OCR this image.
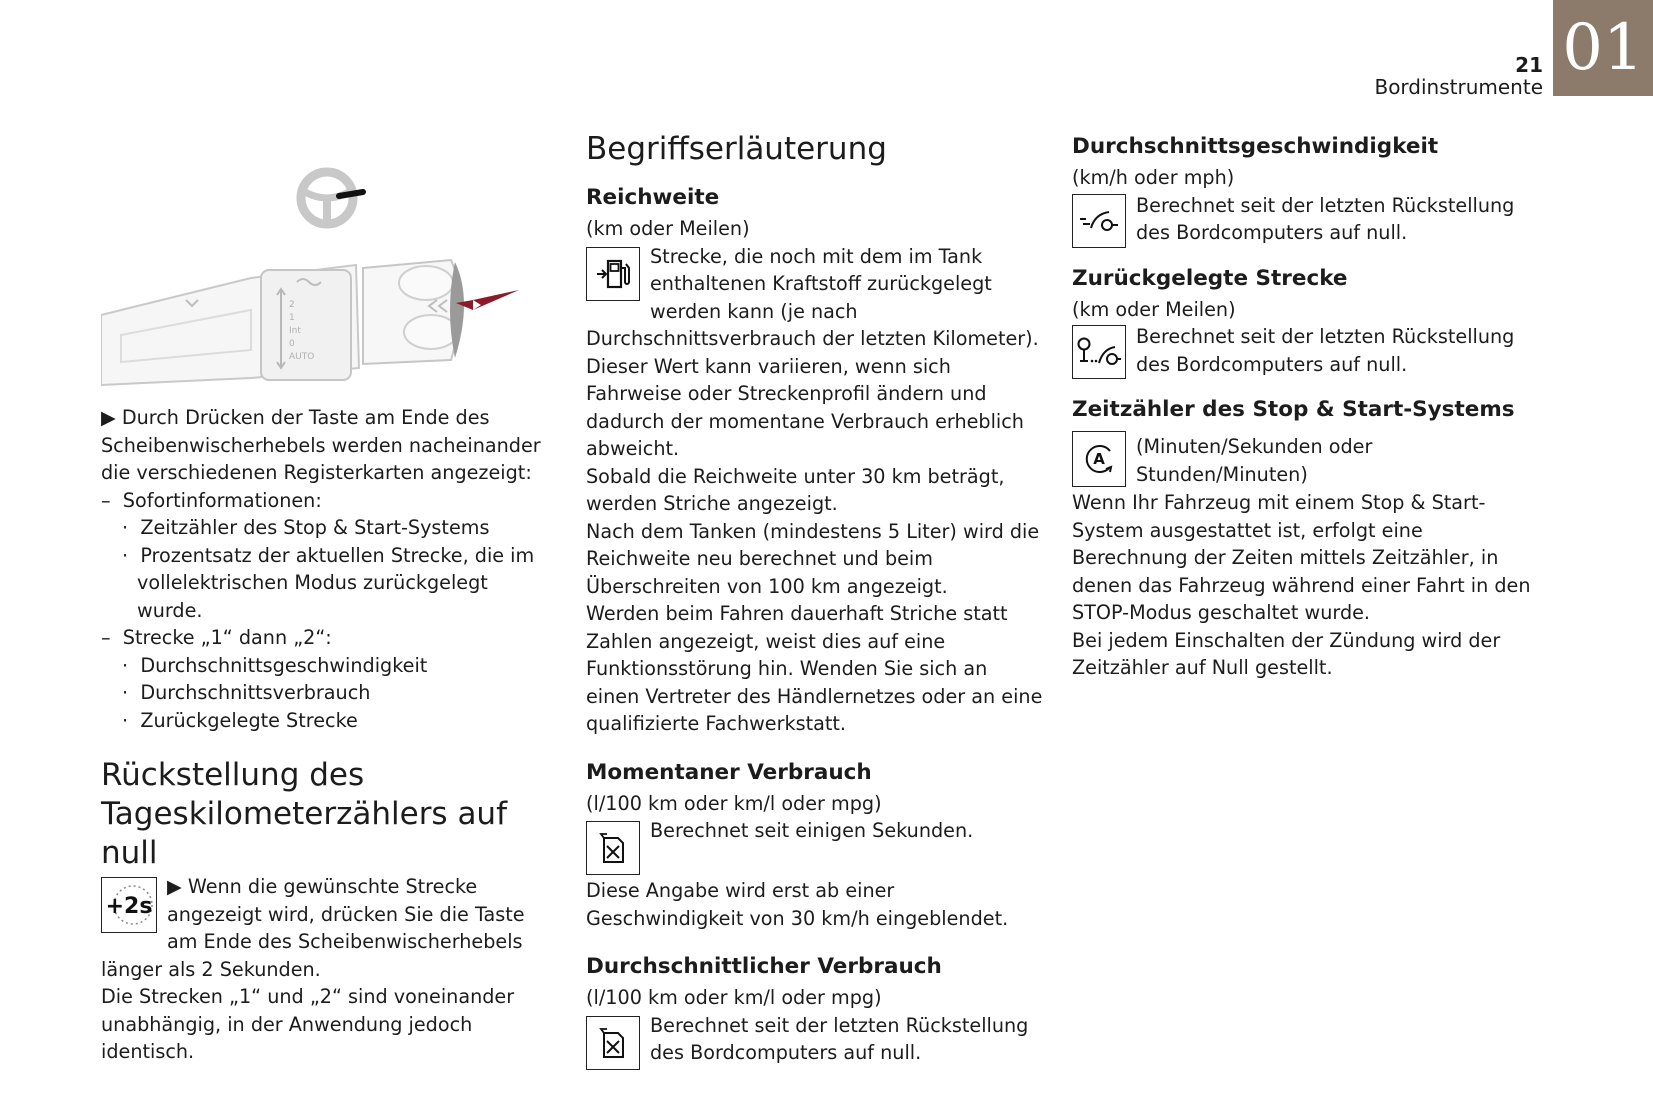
21
Bordinstrumente
01
2
1
Int
0
AUTO

▶ Durch Drücken der Taste am Ende des Scheibenwischerhebels werden nacheinander die verschiedenen Registerkarten angezeigt:

–  Sofortinformationen:

·  Zeitzähler des Stop & Start-Systems

·  Prozentsatz der aktuellen Strecke, die im vollelektrischen Modus zurückgelegt wurde.

–  Strecke „1“ dann „2“:

·  Durchschnittsgeschwindigkeit

·  Durchschnittsverbrauch

·  Zurückgelegte Strecke

Rückstellung des Tageskilometerzählers auf null
+2s

▶ Wenn die gewünschte Strecke angezeigt wird, drücken Sie die Taste am Ende des Scheibenwischerhebels länger als 2 Sekunden.

Die Strecken „1“ und „2“ sind voneinander unabhängig, in der Anwendung jedoch identisch.

Begriffserläuterung
Reichweite

(km oder Meilen)

Strecke, die noch mit dem im Tank enthaltenen Kraftstoff zurückgelegt werden kann (je nach Durchschnittsverbrauch der letzten Kilometer).

Dieser Wert kann variieren, wenn sich Fahrweise oder Streckenprofil ändern und dadurch der momentane Verbrauch erheblich abweicht.

Sobald die Reichweite unter 30 km beträgt, werden Striche angezeigt.

Nach dem Tanken (mindestens 5 Liter) wird die Reichweite neu berechnet und beim Überschreiten von 100 km angezeigt.

Werden beim Fahren dauerhaft Striche statt Zahlen angezeigt, weist dies auf eine Funktionsstörung hin. Wenden Sie sich an einen Vertreter des Händlernetzes oder an eine qualifizierte Fachwerkstatt.

Momentaner Verbrauch

(l/100 km oder km/l oder mpg)

Berechnet seit einigen Sekunden.

Diese Angabe wird erst ab einer Geschwindigkeit von 30 km/h eingeblendet.

Durchschnittlicher Verbrauch

(l/100 km oder km/l oder mpg)

Berechnet seit der letzten Rückstellung des Bordcomputers auf null.

Durchschnittsgeschwindigkeit

(km/h oder mph)

Berechnet seit der letzten Rückstellung des Bordcomputers auf null.

Zurückgelegte Strecke

(km oder Meilen)

Berechnet seit der letzten Rückstellung des Bordcomputers auf null.

Zeitzähler des Stop & Start-Systems
A

(Minuten/Sekunden oder Stunden/Minuten)

Wenn Ihr Fahrzeug mit einem Stop & Start-System ausgestattet ist, erfolgt eine Berechnung der Zeiten mittels Zeitzähler, in denen das Fahrzeug während einer Fahrt in den STOP-Modus geschaltet wurde.

Bei jedem Einschalten der Zündung wird der Zeitzähler auf Null gestellt.
